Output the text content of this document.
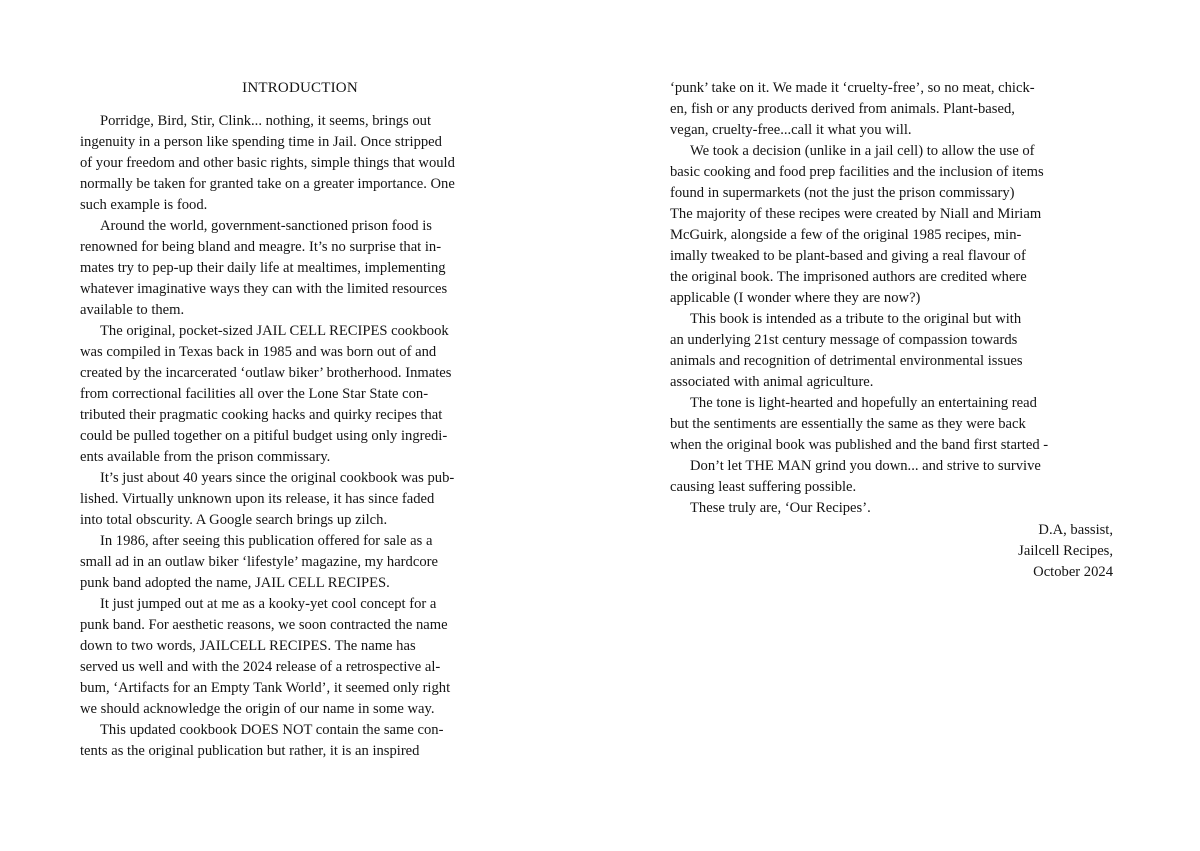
INTRODUCTION
Porridge, Bird, Stir, Clink... nothing, it seems, brings out
ingenuity in a person like spending time in Jail. Once stripped
of your freedom and other basic rights, simple things that would
normally be taken for granted take on a greater importance. One
such example is food.
Around the world, government-sanctioned prison food is
renowned for being bland and meagre. It’s no surprise that in-
mates try to pep-up their daily life at mealtimes, implementing
whatever imaginative ways they can with the limited resources
available to them.
The original, pocket-sized JAIL CELL RECIPES cookbook
was compiled in Texas back in 1985 and was born out of and
created by the incarcerated ‘outlaw biker’ brotherhood. Inmates
from correctional facilities all over the Lone Star State con-
tributed their pragmatic cooking hacks and quirky recipes that
could be pulled together on a pitiful budget using only ingredi-
ents available from the prison commissary.
It’s just about 40 years since the original cookbook was pub-
lished. Virtually unknown upon its release, it has since faded
into total obscurity. A Google search brings up zilch.
In 1986, after seeing this publication offered for sale as a
small ad in an outlaw biker ‘lifestyle’ magazine, my hardcore
punk band adopted the name, JAIL CELL RECIPES.
It just jumped out at me as a kooky-yet cool concept for a
punk band. For aesthetic reasons, we soon contracted the name
down to two words, JAILCELL RECIPES. The name has
served us well and with the 2024 release of a retrospective al-
bum, ‘Artifacts for an Empty Tank World’, it seemed only right
we should acknowledge the origin of our name in some way.
This updated cookbook DOES NOT contain the same con-
tents as the original publication but rather, it is an inspired
‘punk’ take on it. We made it ‘cruelty-free’, so no meat, chick-
en, fish or any products derived from animals. Plant-based,
vegan, cruelty-free...call it what you will.
We took a decision (unlike in a jail cell) to allow the use of
basic cooking and food prep facilities and the inclusion of items
found in supermarkets (not the just the prison commissary)
The majority of these recipes were created by Niall and Miriam
McGuirk, alongside a few of the original 1985 recipes, min-
imally tweaked to be plant-based and giving a real flavour of
the original book. The imprisoned authors are credited where
applicable (I wonder where they are now?)
This book is intended as a tribute to the original but with
an underlying 21st century message of compassion towards
animals and recognition of detrimental environmental issues
associated with animal agriculture.
The tone is light-hearted and hopefully an entertaining read
but the sentiments are essentially the same as they were back
when the original book was published and the band first started -
Don’t let THE MAN grind you down... and strive to survive
causing least suffering possible.
These truly are, ‘Our Recipes’.
D.A, bassist,
Jailcell Recipes,
October 2024
